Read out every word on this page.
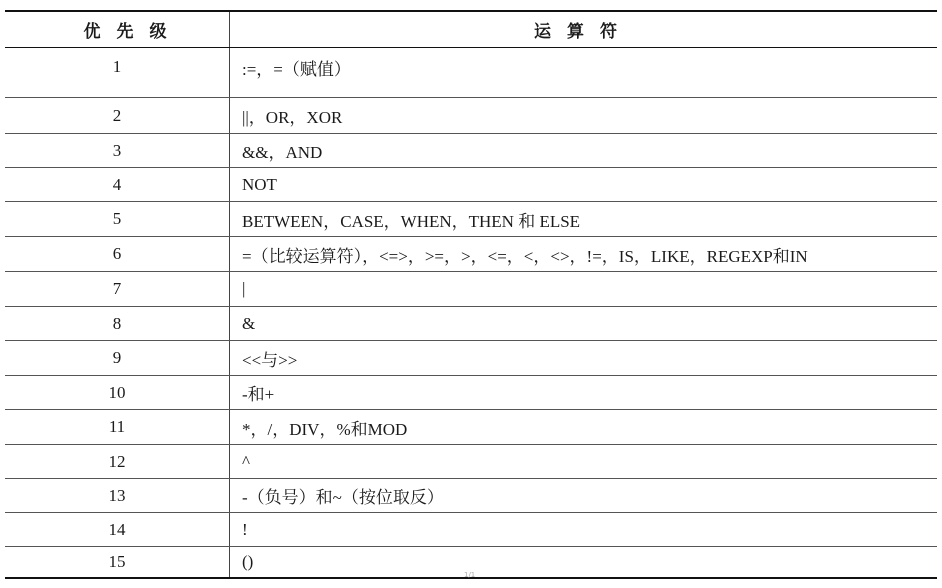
优先级	运算符
1	:=，=（赋值）
2	||，OR，XOR
3	&&，AND
4	NOT
5	BETWEEN，CASE，WHEN，THEN 和 ELSE
6	=（比较运算符），<=>，>=，>，<=，<，<>，!=，IS，LIKE，REGEXP和IN
7	|
8	&
9	<<与>>
10	-和+
11	*，/，DIV，%和MOD
12	^
13	-（负号）和~（按位取反）
14	!
15	()
1/1
